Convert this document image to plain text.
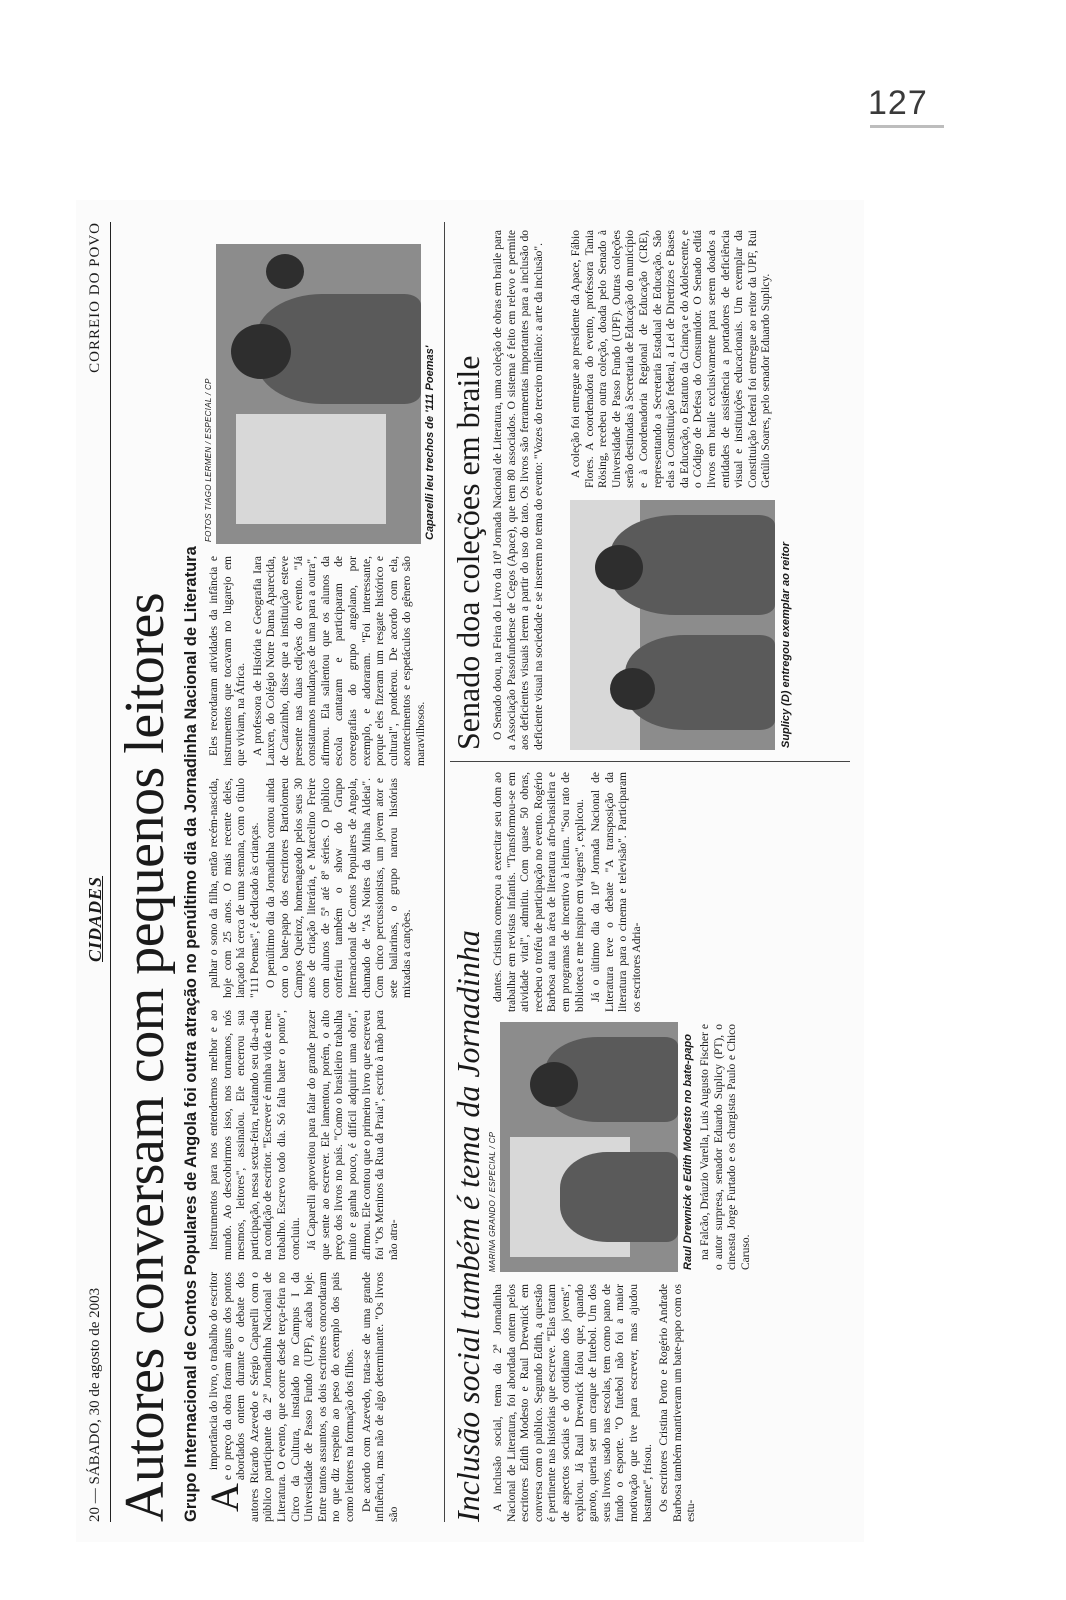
127
20 — SÁBADO, 30 de agosto de 2003
CIDADES
CORREIO DO POVO
Autores conversam com pequenos leitores Grupo Internacional de Contos Populares de Angola foi outra atração no penúltimo dia da Jornadinha Nacional de Literatura A importância do livro, o trabalho do escritor e o preço da obra foram alguns dos pontos abordados ontem durante o debate dos autores Ricardo Azevedo e Sérgio Caparelli com o público participante da 2ª Jornadinha Nacional de Literatura. O evento, que ocorre desde terça-feira no Circo da Cultura, instalado no Campus I da Universidade de Passo Fundo (UPF), acaba hoje. Entre tantos assuntos, os dois escritores concordaram no que diz respeito ao peso do exemplo dos pais como leitores na formação dos filhos. De acordo com Azevedo, trata-se de uma grande influência, mas não de algo determinante. "Os livros são

instrumentos para nos entendermos melhor e ao mundo. Ao descobrirmos isso, nos tornamos, nós mesmos, leitores", assinalou. Ele encerrou sua participação, nessa sexta-feira, relatando seu dia-a-dia na condição de escritor. "Escrever é minha vida e meu trabalho. Escrevo todo dia. Só falta bater o ponto", concluiu. Já Caparelli aproveitou para falar do grande prazer que sente ao escrever. Ele lamentou, porém, o alto preço dos livros no país. "Como o brasileiro trabalha muito e ganha pouco, é difícil adquirir uma obra", afirmou. Ele contou que o primeiro livro que escreveu foi "Os Meninos da Rua da Praia", escrito à mão para não atra-

palhar o sono da filha, então recém-nascida, hoje com 25 anos. O mais recente deles, lançado há cerca de uma semana, com o título "111 Poemas", é dedicado às crianças. O penúltimo dia da Jornadinha contou ainda com o bate-papo dos escritores Bartolomeu Campos Queiroz, homenageado pelos seus 30 anos de criação literária, e Marcelino Freire com alunos de 5ª até 8ª séries. O público conferiu também o show do Grupo Internacional de Contos Populares de Angola, chamado de "As Noites da Minha Aldeia". Com cinco percussionistas, um jovem ator e sete bailarinas, o grupo narrou histórias mixadas a canções.

Eles recordaram atividades da infância e instrumentos que tocavam no lugarejo em que viviam, na África. A professora de História e Geografia Iara Lauxen, do Colégio Notre Dama Aparecida, de Carazinho, disse que a instituição esteve presente nas duas edições do evento. "Já constatamos mudanças de uma para a outra", afirmou. Ela salientou que os alunos da escola cantaram e participaram de coreografias do grupo angolano, por exemplo, e adoraram. "Foi interessante, porque eles fizeram um resgate histórico e cultural", ponderou. De acordo com ela, acontecimentos e espetáculos do gênero são maravilhosos.

FOTOS TIAGO LERMEN / ESPECIAL / CP	Caparelli leu trechos de '111 Poemas'
Inclusão social também é tema da Jornadinha A inclusão social, tema da 2ª Jornadinha Nacional de Literatura, foi abordada ontem pelos escritores Edith Modesto e Raul Drewnick em conversa com o público. Segundo Edith, a questão é pertinente nas histórias que escreve. "Elas tratam de aspectos sociais e do cotidiano dos jovens", explicou. Já Raul Drewnick falou que, quando garoto, queria ser um craque de futebol. Um dos seus livros, usado nas escolas, tem como pano de fundo o esporte. "O futebol não foi a maior motivação que tive para escrever, mas ajudou bastante", frisou. Os escritores Cristina Porto e Rogério Andrade Barbosa também mantiveram um bate-papo com os estu-

MARINA GRANDO / ESPECIAL / CP	Raul Drewnick e Edith Modesto no bate-papo na Falcão, Dráuzio Varella, Luis Augusto Fischer e o autor surpresa, senador Eduardo Suplicy (PT), o cineasta Jorge Furtado e os chargistas Paulo e Chico Caruso.

dantes. Cristina começou a exercitar seu dom ao trabalhar em revistas infantis. "Transformou-se em atividade vital", admitiu. Com quase 50 obras, recebeu o troféu de participação no evento. Rogério Barbosa atua na área de literatura afro-brasileira e em programas de incentivo à leitura. "Sou rato de biblioteca e me inspiro em viagens", explicou. Já o último dia da 10ª Jornada Nacional de Literatura teve o debate "A transposição da literatura para o cinema e televisão". Participaram os escritores Adria-

Senado doa coleções em braile O Senado doou, na Feira do Livro da 10ª Jornada Nacional de Literatura, uma coleção de obras em braile para a Associação Passofundense de Cegos (Apace), que tem 80 associados. O sistema é feito em relevo e permite aos deficientes visuais lerem a partir do uso do tato. Os livros são ferramentas importantes para a inclusão do deficiente visual na sociedade e se inserem no tema do evento: "Vozes do terceiro milênio: a arte da inclusão".	Suplicy (D) entregou exemplar ao reitor

A coleção foi entregue ao presidente da Apace, Fábio Flores. A coordenadora do evento, professora Tania Rösing, recebeu outra coleção, doada pelo Senado à Universidade de Passo Fundo (UPF). Outras coleções serão destinadas à Secretaria de Educação do município e à Coordenadoria Regional de Educação (CRE), representando a Secretaria Estadual de Educação. São elas a Constituição federal, a Lei de Diretrizes e Bases da Educação, o Estatuto da Criança e do Adolescente, e o Código de Defesa do Consumidor. O Senado editá livros em braile exclusivamente para serem doados a entidades de assistência a portadores de deficiência visual e instituições educacionais. Um exemplar da Constituição federal foi entregue ao reitor da UPF, Rui Getúlio Soares, pelo senador Eduardo Suplicy.
